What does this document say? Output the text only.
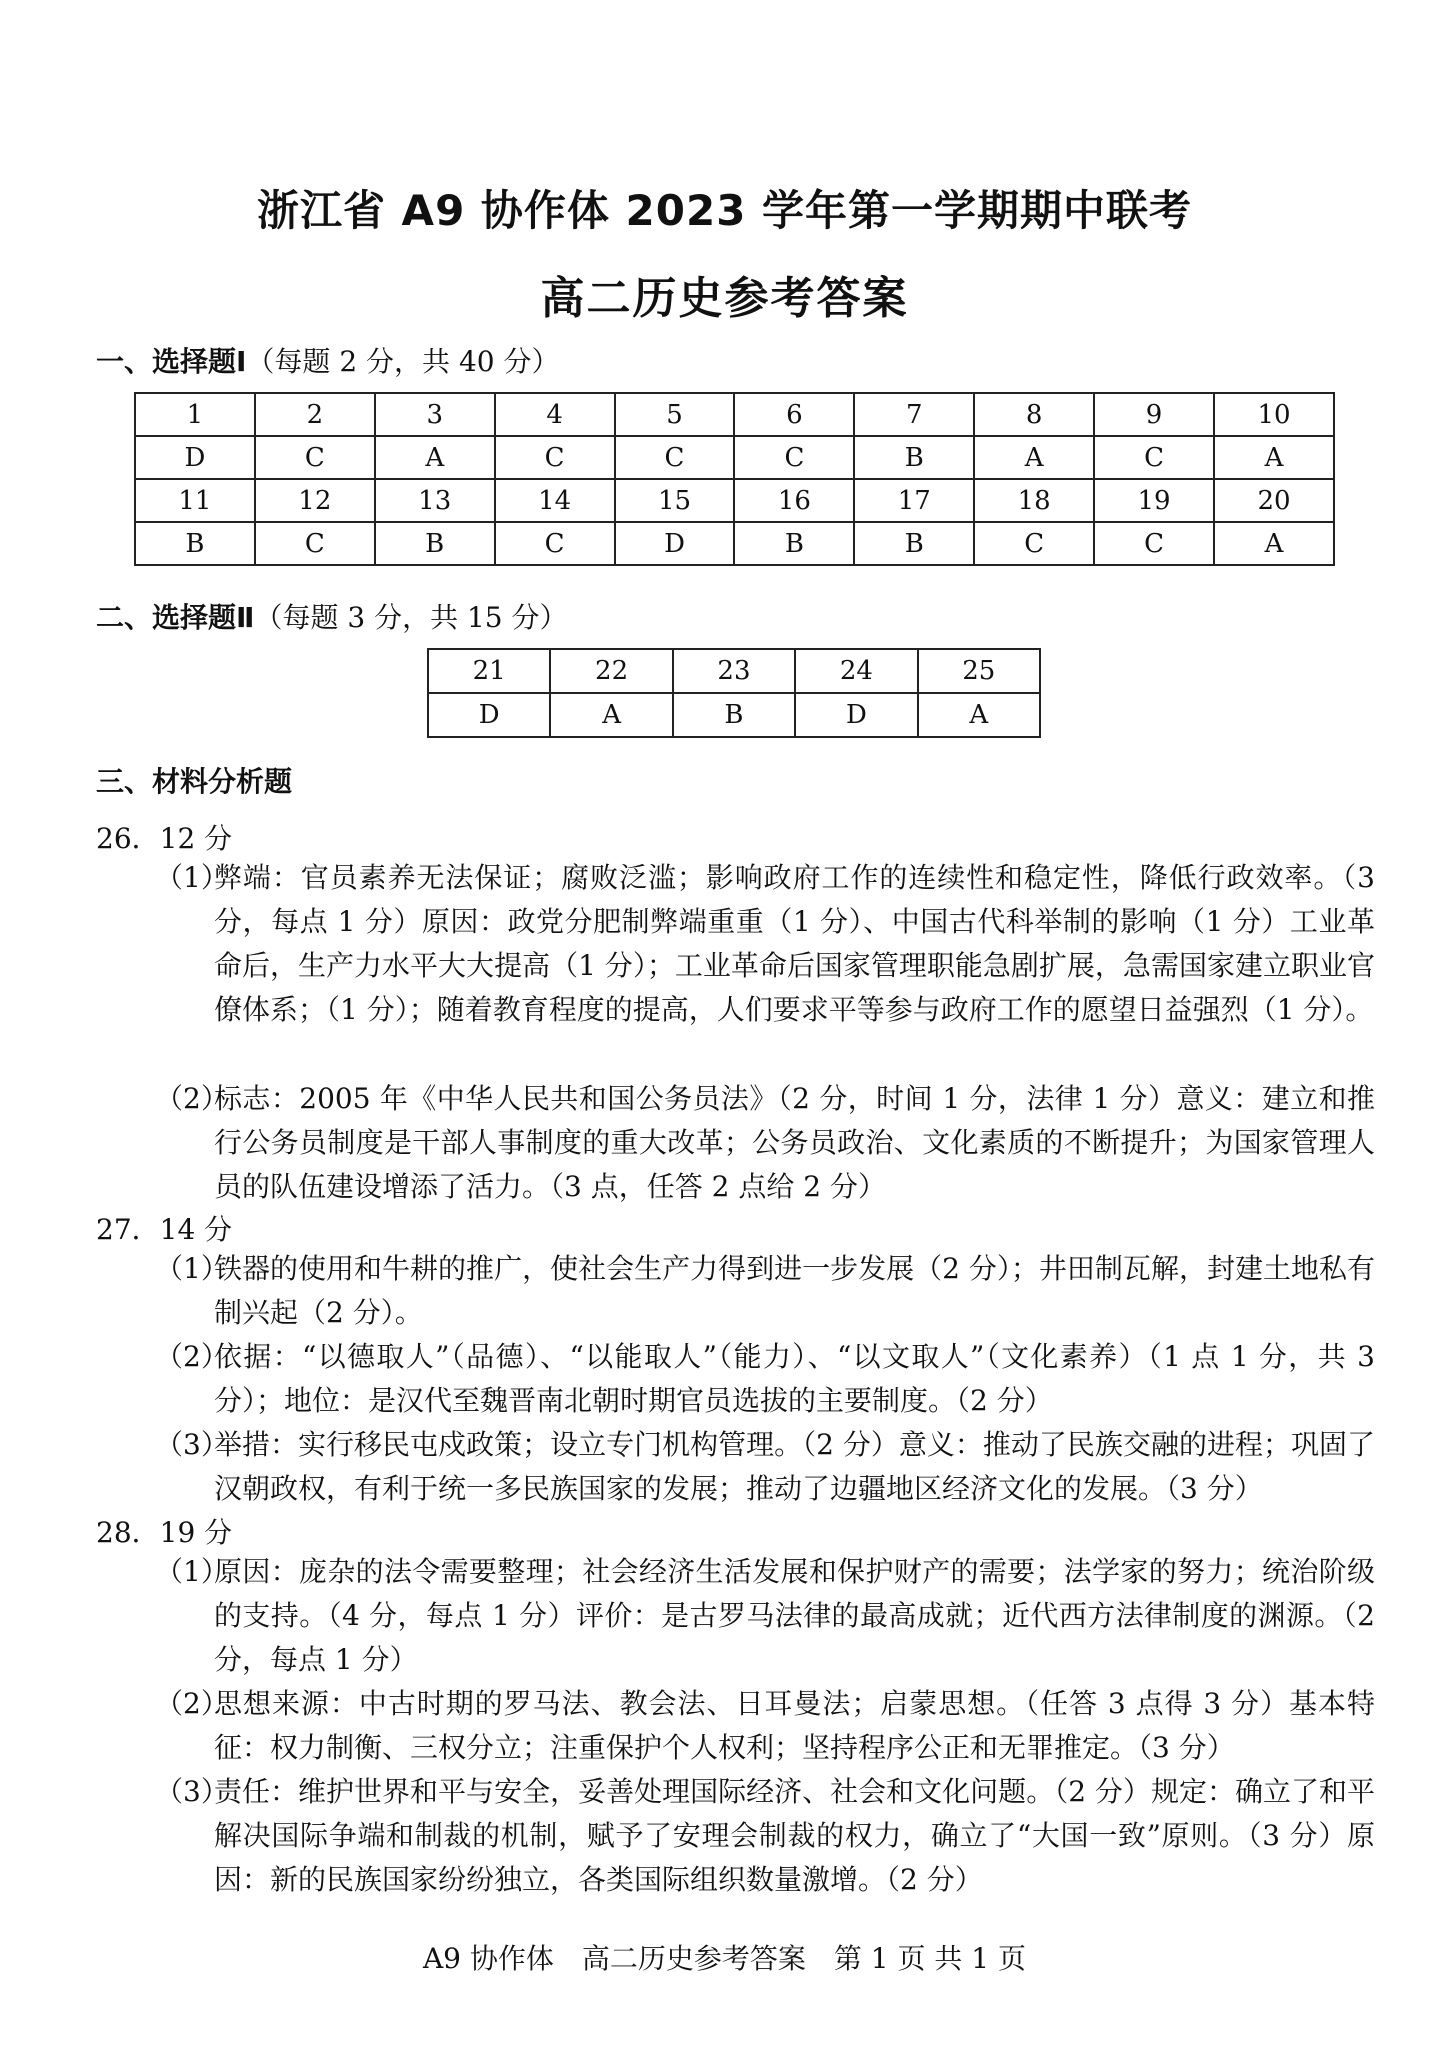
浙江省 A9 协作体 2023 学年第一学期期中联考
高二历史参考答案
一、选择题Ⅰ（每题 2 分，共 40 分）
1	2	3	4	5	6	7	8	9	10
D	C	A	C	C	C	B	A	C	A
11	12	13	14	15	16	17	18	19	20
B	C	B	C	D	B	B	C	C	A
二、选择题Ⅱ（每题 3 分，共 15 分）
21	22	23	24	25
D	A	B	D	A
三、材料分析题
26．12 分
（1）
弊端：官员素养无法保证；腐败泛滥；影响政府工作的连续性和稳定性，降低行政效率。（3 分，每点 1 分）原因：政党分肥制弊端重重（1 分）、中国古代科举制的影响（1 分）工业革命后，生产力水平大大提高（1 分）；工业革命后国家管理职能急剧扩展，急需国家建立职业官僚体系；（1 分）；随着教育程度的提高，人们要求平等参与政府工作的愿望日益强烈（1 分）。
（2）
标志：2005 年《中华人民共和国公务员法》（2 分，时间 1 分，法律 1 分）意义：建立和推行公务员制度是干部人事制度的重大改革；公务员政治、文化素质的不断提升；为国家管理人员的队伍建设增添了活力。（3 点，任答 2 点给 2 分）
27．14 分
（1）
铁器的使用和牛耕的推广，使社会生产力得到进一步发展（2 分）；井田制瓦解，封建土地私有制兴起（2 分）。
（2）
依据：“以德取人”（品德）、“以能取人”（能力）、“以文取人”（文化素养）（1 点 1 分，共 3 分）；地位：是汉代至魏晋南北朝时期官员选拔的主要制度。（2 分）
（3）
举措：实行移民屯戍政策；设立专门机构管理。（2 分）意义：推动了民族交融的进程；巩固了汉朝政权，有利于统一多民族国家的发展；推动了边疆地区经济文化的发展。（3 分）
28．19 分
（1）
原因：庞杂的法令需要整理；社会经济生活发展和保护财产的需要；法学家的努力；统治阶级的支持。（4 分，每点 1 分）评价：是古罗马法律的最高成就；近代西方法律制度的渊源。（2 分，每点 1 分）
（2）
思想来源：中古时期的罗马法、教会法、日耳曼法；启蒙思想。（任答 3 点得 3 分）基本特征：权力制衡、三权分立；注重保护个人权利；坚持程序公正和无罪推定。（3 分）
（3）
责任：维护世界和平与安全，妥善处理国际经济、社会和文化问题。（2 分）规定：确立了和平解决国际争端和制裁的机制，赋予了安理会制裁的权力，确立了“大国一致”原则。（3 分）原因：新的民族国家纷纷独立，各类国际组织数量激增。（2 分）
A9 协作体　高二历史参考答案　第 1 页 共 1 页
